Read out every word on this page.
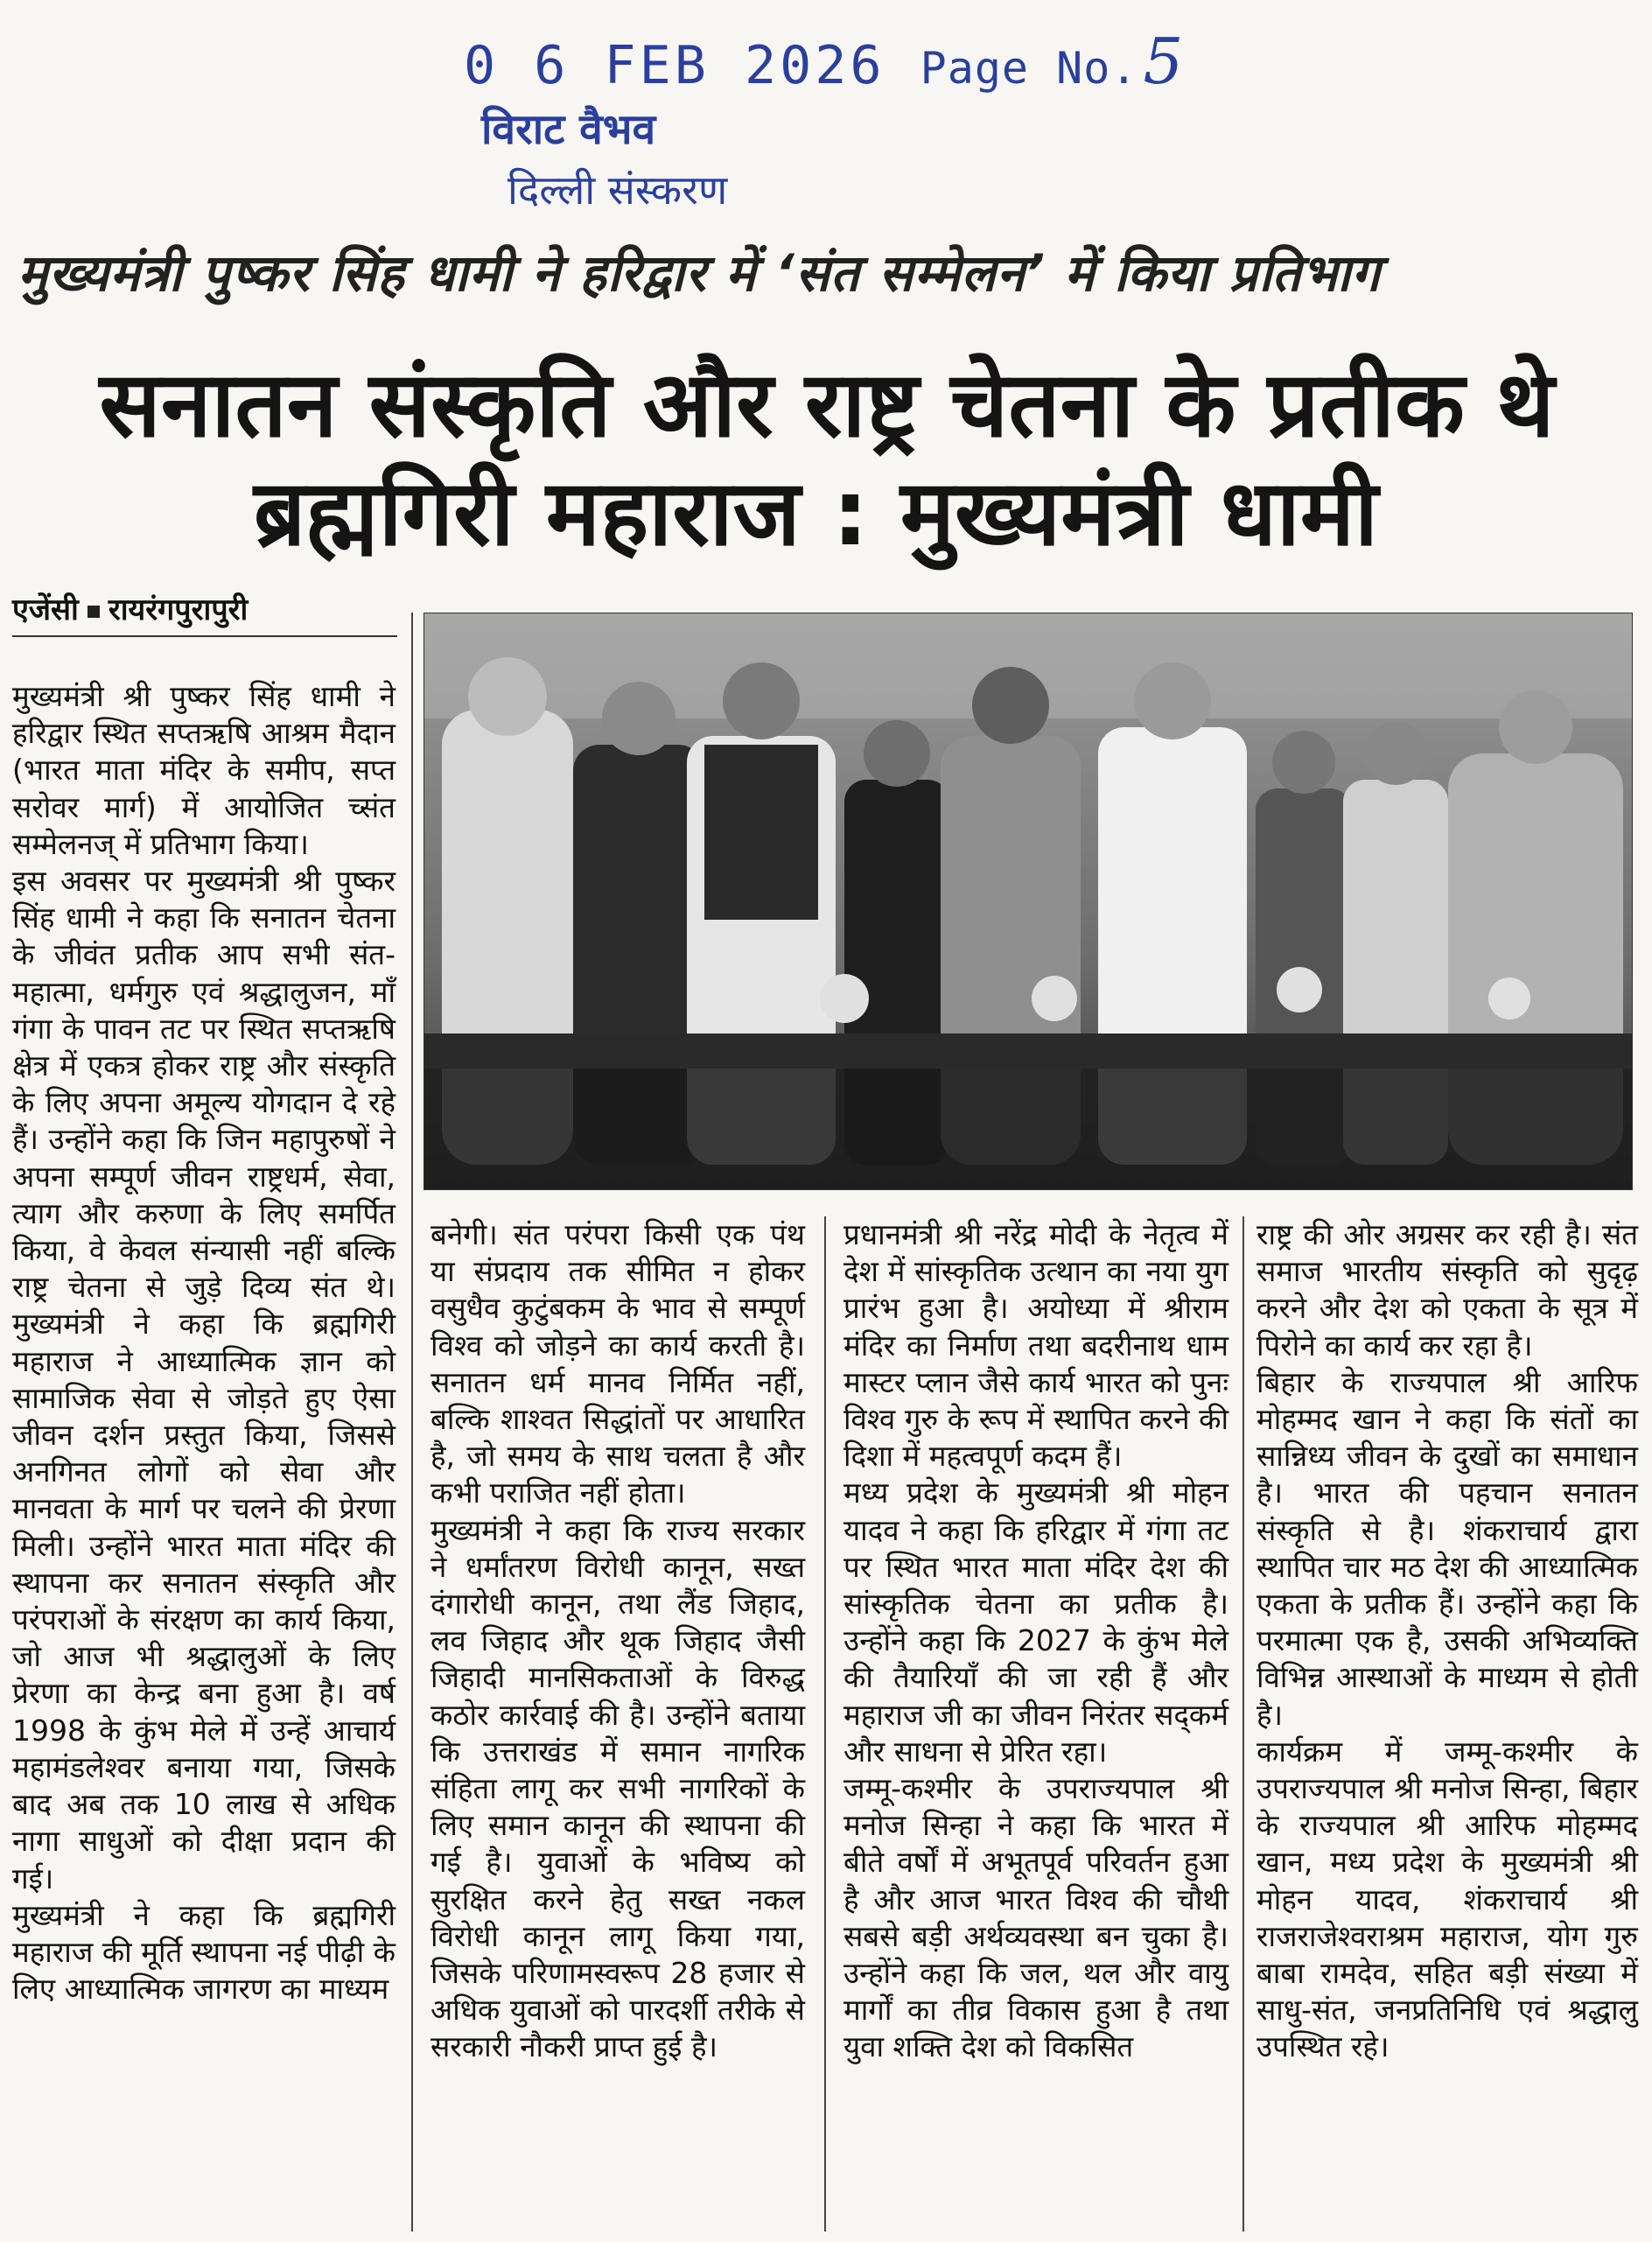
0 6 FEB 2026 Page No.5
विराट वैभव
दिल्ली संस्करण
मुख्यमंत्री पुष्कर सिंह धामी ने हरिद्वार में ‘संत सम्मेलन’ में किया प्रतिभाग
सनातन संस्कृति और राष्ट्र चेतना के प्रतीक थे
ब्रह्मगिरी महाराज : मुख्यमंत्री धामी
एजेंसी रायरंगपुरापुरी

मुख्यमंत्री श्री पुष्कर सिंह धामी ने हरिद्वार स्थित सप्तऋषि आश्रम मैदान (भारत माता मंदिर के समीप, सप्त सरोवर मार्ग) में आयोजित च्संत सम्मेलनज् में प्रतिभाग किया।

इस अवसर पर मुख्यमंत्री श्री पुष्कर सिंह धामी ने कहा कि सनातन चेतना के जीवंत प्रतीक आप सभी संत-महात्मा, धर्मगुरु एवं श्रद्धालुजन, माँ गंगा के पावन तट पर स्थित सप्तऋषि क्षेत्र में एकत्र होकर राष्ट्र और संस्कृति के लिए अपना अमूल्य योगदान दे रहे हैं। उन्होंने कहा कि जिन महापुरुषों ने अपना सम्पूर्ण जीवन राष्ट्रधर्म, सेवा, त्याग और करुणा के लिए समर्पित किया, वे केवल संन्यासी नहीं बल्कि राष्ट्र चेतना से जुड़े दिव्य संत थे। मुख्यमंत्री ने कहा कि ब्रह्मगिरी महाराज ने आध्यात्मिक ज्ञान को सामाजिक सेवा से जोड़ते हुए ऐसा जीवन दर्शन प्रस्तुत किया, जिससे अनगिनत लोगों को सेवा और मानवता के मार्ग पर चलने की प्रेरणा मिली। उन्होंने भारत माता मंदिर की स्थापना कर सनातन संस्कृति और परंपराओं के संरक्षण का कार्य किया, जो आज भी श्रद्धालुओं के लिए प्रेरणा का केन्द्र बना हुआ है। वर्ष 1998 के कुंभ मेले में उन्हें आचार्य महामंडलेश्वर बनाया गया, जिसके बाद अब तक 10 लाख से अधिक नागा साधुओं को दीक्षा प्रदान की गई।

मुख्यमंत्री ने कहा कि ब्रह्मगिरी महाराज की मूर्ति स्थापना नई पीढ़ी के लिए आध्यात्मिक जागरण का माध्यम

बनेगी। संत परंपरा किसी एक पंथ या संप्रदाय तक सीमित न होकर वसुधैव कुटुंबकम के भाव से सम्पूर्ण विश्व को जोड़ने का कार्य करती है। सनातन धर्म मानव निर्मित नहीं, बल्कि शाश्वत सिद्धांतों पर आधारित है, जो समय के साथ चलता है और कभी पराजित नहीं होता।

मुख्यमंत्री ने कहा कि राज्य सरकार ने धर्मांतरण विरोधी कानून, सख्त दंगारोधी कानून, तथा लैंड जिहाद, लव जिहाद और थूक जिहाद जैसी जिहादी मानसिकताओं के विरुद्ध कठोर कार्रवाई की है। उन्होंने बताया कि उत्तराखंड में समान नागरिक संहिता लागू कर सभी नागरिकों के लिए समान कानून की स्थापना की गई है। युवाओं के भविष्य को सुरक्षित करने हेतु सख्त नकल विरोधी कानून लागू किया गया, जिसके परिणामस्वरूप 28 हजार से अधिक युवाओं को पारदर्शी तरीके से सरकारी नौकरी प्राप्त हुई है।

प्रधानमंत्री श्री नरेंद्र मोदी के नेतृत्व में देश में सांस्कृतिक उत्थान का नया युग प्रारंभ हुआ है। अयोध्या में श्रीराम मंदिर का निर्माण तथा बदरीनाथ धाम मास्टर प्लान जैसे कार्य भारत को पुनः विश्व गुरु के रूप में स्थापित करने की दिशा में महत्वपूर्ण कदम हैं।

मध्य प्रदेश के मुख्यमंत्री श्री मोहन यादव ने कहा कि हरिद्वार में गंगा तट पर स्थित भारत माता मंदिर देश की सांस्कृतिक चेतना का प्रतीक है। उन्होंने कहा कि 2027 के कुंभ मेले की तैयारियाँ की जा रही हैं और महाराज जी का जीवन निरंतर सद्कर्म और साधना से प्रेरित रहा।

जम्मू-कश्मीर के उपराज्यपाल श्री मनोज सिन्हा ने कहा कि भारत में बीते वर्षों में अभूतपूर्व परिवर्तन हुआ है और आज भारत विश्व की चौथी सबसे बड़ी अर्थव्यवस्था बन चुका है। उन्होंने कहा कि जल, थल और वायु मार्गों का तीव्र विकास हुआ है तथा युवा शक्ति देश को विकसित

राष्ट्र की ओर अग्रसर कर रही है। संत समाज भारतीय संस्कृति को सुदृढ़ करने और देश को एकता के सूत्र में पिरोने का कार्य कर रहा है।

बिहार के राज्यपाल श्री आरिफ मोहम्मद खान ने कहा कि संतों का सान्निध्य जीवन के दुखों का समाधान है। भारत की पहचान सनातन संस्कृति से है। शंकराचार्य द्वारा स्थापित चार मठ देश की आध्यात्मिक एकता के प्रतीक हैं। उन्होंने कहा कि परमात्मा एक है, उसकी अभिव्यक्ति विभिन्न आस्थाओं के माध्यम से होती है।

कार्यक्रम में जम्मू-कश्मीर के उपराज्यपाल श्री मनोज सिन्हा, बिहार के राज्यपाल श्री आरिफ मोहम्मद खान, मध्य प्रदेश के मुख्यमंत्री श्री मोहन यादव, शंकराचार्य श्री राजराजेश्वराश्रम महाराज, योग गुरु बाबा रामदेव, सहित बड़ी संख्या में साधु-संत, जनप्रतिनिधि एवं श्रद्धालु उपस्थित रहे।
